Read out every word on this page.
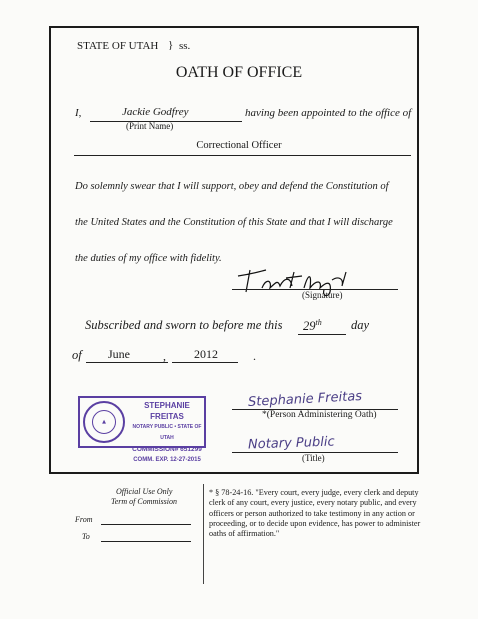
STATE OF UTAH } ss.
OATH OF OFFICE
I,	Jackie Godfrey	having been appointed to the office of
(Print Name)
Correctional Officer
Do solemnly swear that I will support, obey and defend the Constitution of
the United States and the Constitution of this State and that I will discharge
the duties of my office with fidelity.
(Signature)
Subscribed and sworn to before me this 29th day
of June	, 2012	.
▲
STEPHANIE FREITAS
NOTARY PUBLIC • STATE OF UTAH
COMMISSION# 651299
COMM. EXP. 12-27-2015
Stephanie Freitas
*(Person Administering Oath)
Notary Public
(Title)
Official Use Only
Term of Commission
From
To
* § 78-24-16. "Every court, every judge, every clerk and deputy clerk of any court, every justice, every notary public, and every officers or person authorized to take testimony in any action or proceeding, or to decide upon evidence, has power to administer oaths of affirmation."
